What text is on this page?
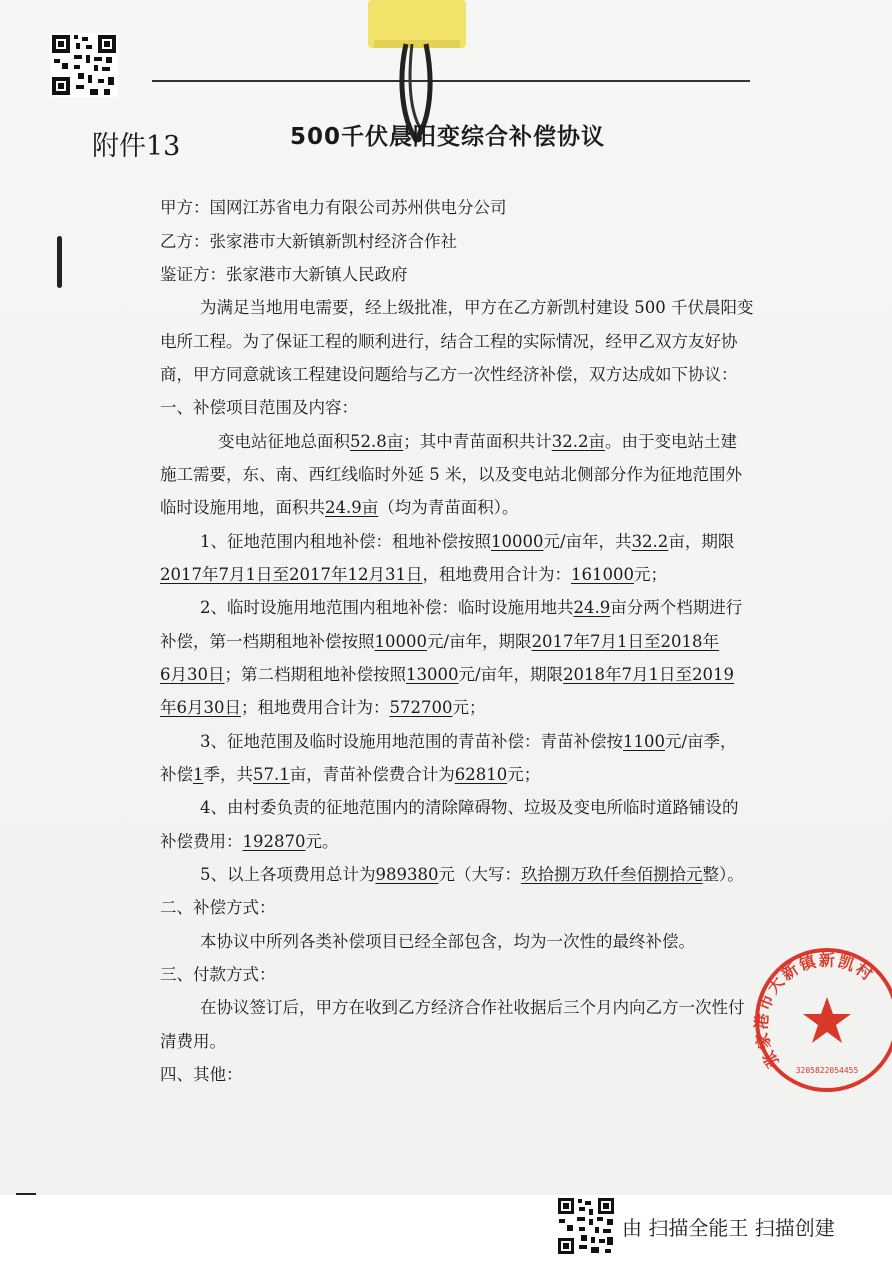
附件13	500千伏晨阳变综合补偿协议
甲方：国网江苏省电力有限公司苏州供电分公司
乙方：张家港市大新镇新凯村经济合作社
鉴证方：张家港市大新镇人民政府
为满足当地用电需要，经上级批准，甲方在乙方新凯村建设 500 千伏晨阳变
电所工程。为了保证工程的顺利进行，结合工程的实际情况，经甲乙双方友好协
商，甲方同意就该工程建设问题给与乙方一次性经济补偿，双方达成如下协议：
一、补偿项目范围及内容：
变电站征地总面积52.8亩；其中青苗面积共计32.2亩。由于变电站土建
施工需要，东、南、西红线临时外延 5 米，以及变电站北侧部分作为征地范围外
临时设施用地，面积共24.9亩（均为青苗面积）。
1、征地范围内租地补偿：租地补偿按照10000元/亩年，共32.2亩，期限
2017年7月1日至2017年12月31日，租地费用合计为：161000元；
2、临时设施用地范围内租地补偿：临时设施用地共24.9亩分两个档期进行
补偿，第一档期租地补偿按照10000元/亩年，期限2017年7月1日至2018年
6月30日；第二档期租地补偿按照13000元/亩年，期限2018年7月1日至2019
年6月30日；租地费用合计为：572700元；
3、征地范围及临时设施用地范围的青苗补偿：青苗补偿按1100元/亩季，
补偿1季，共57.1亩，青苗补偿费合计为62810元；
4、由村委负责的征地范围内的清除障碍物、垃圾及变电所临时道路铺设的
补偿费用：192870元。
5、以上各项费用总计为989380元（大写：玖拾捌万玖仟叁佰捌拾元整）。
二、补偿方式：
本协议中所列各类补偿项目已经全部包含，均为一次性的最终补偿。
三、付款方式：
在协议签订后，甲方在收到乙方经济合作社收据后三个月内向乙方一次性付
清费用。
四、其他：
张家港市大新镇新凯村
3205822054455
由 扫描全能王 扫描创建
